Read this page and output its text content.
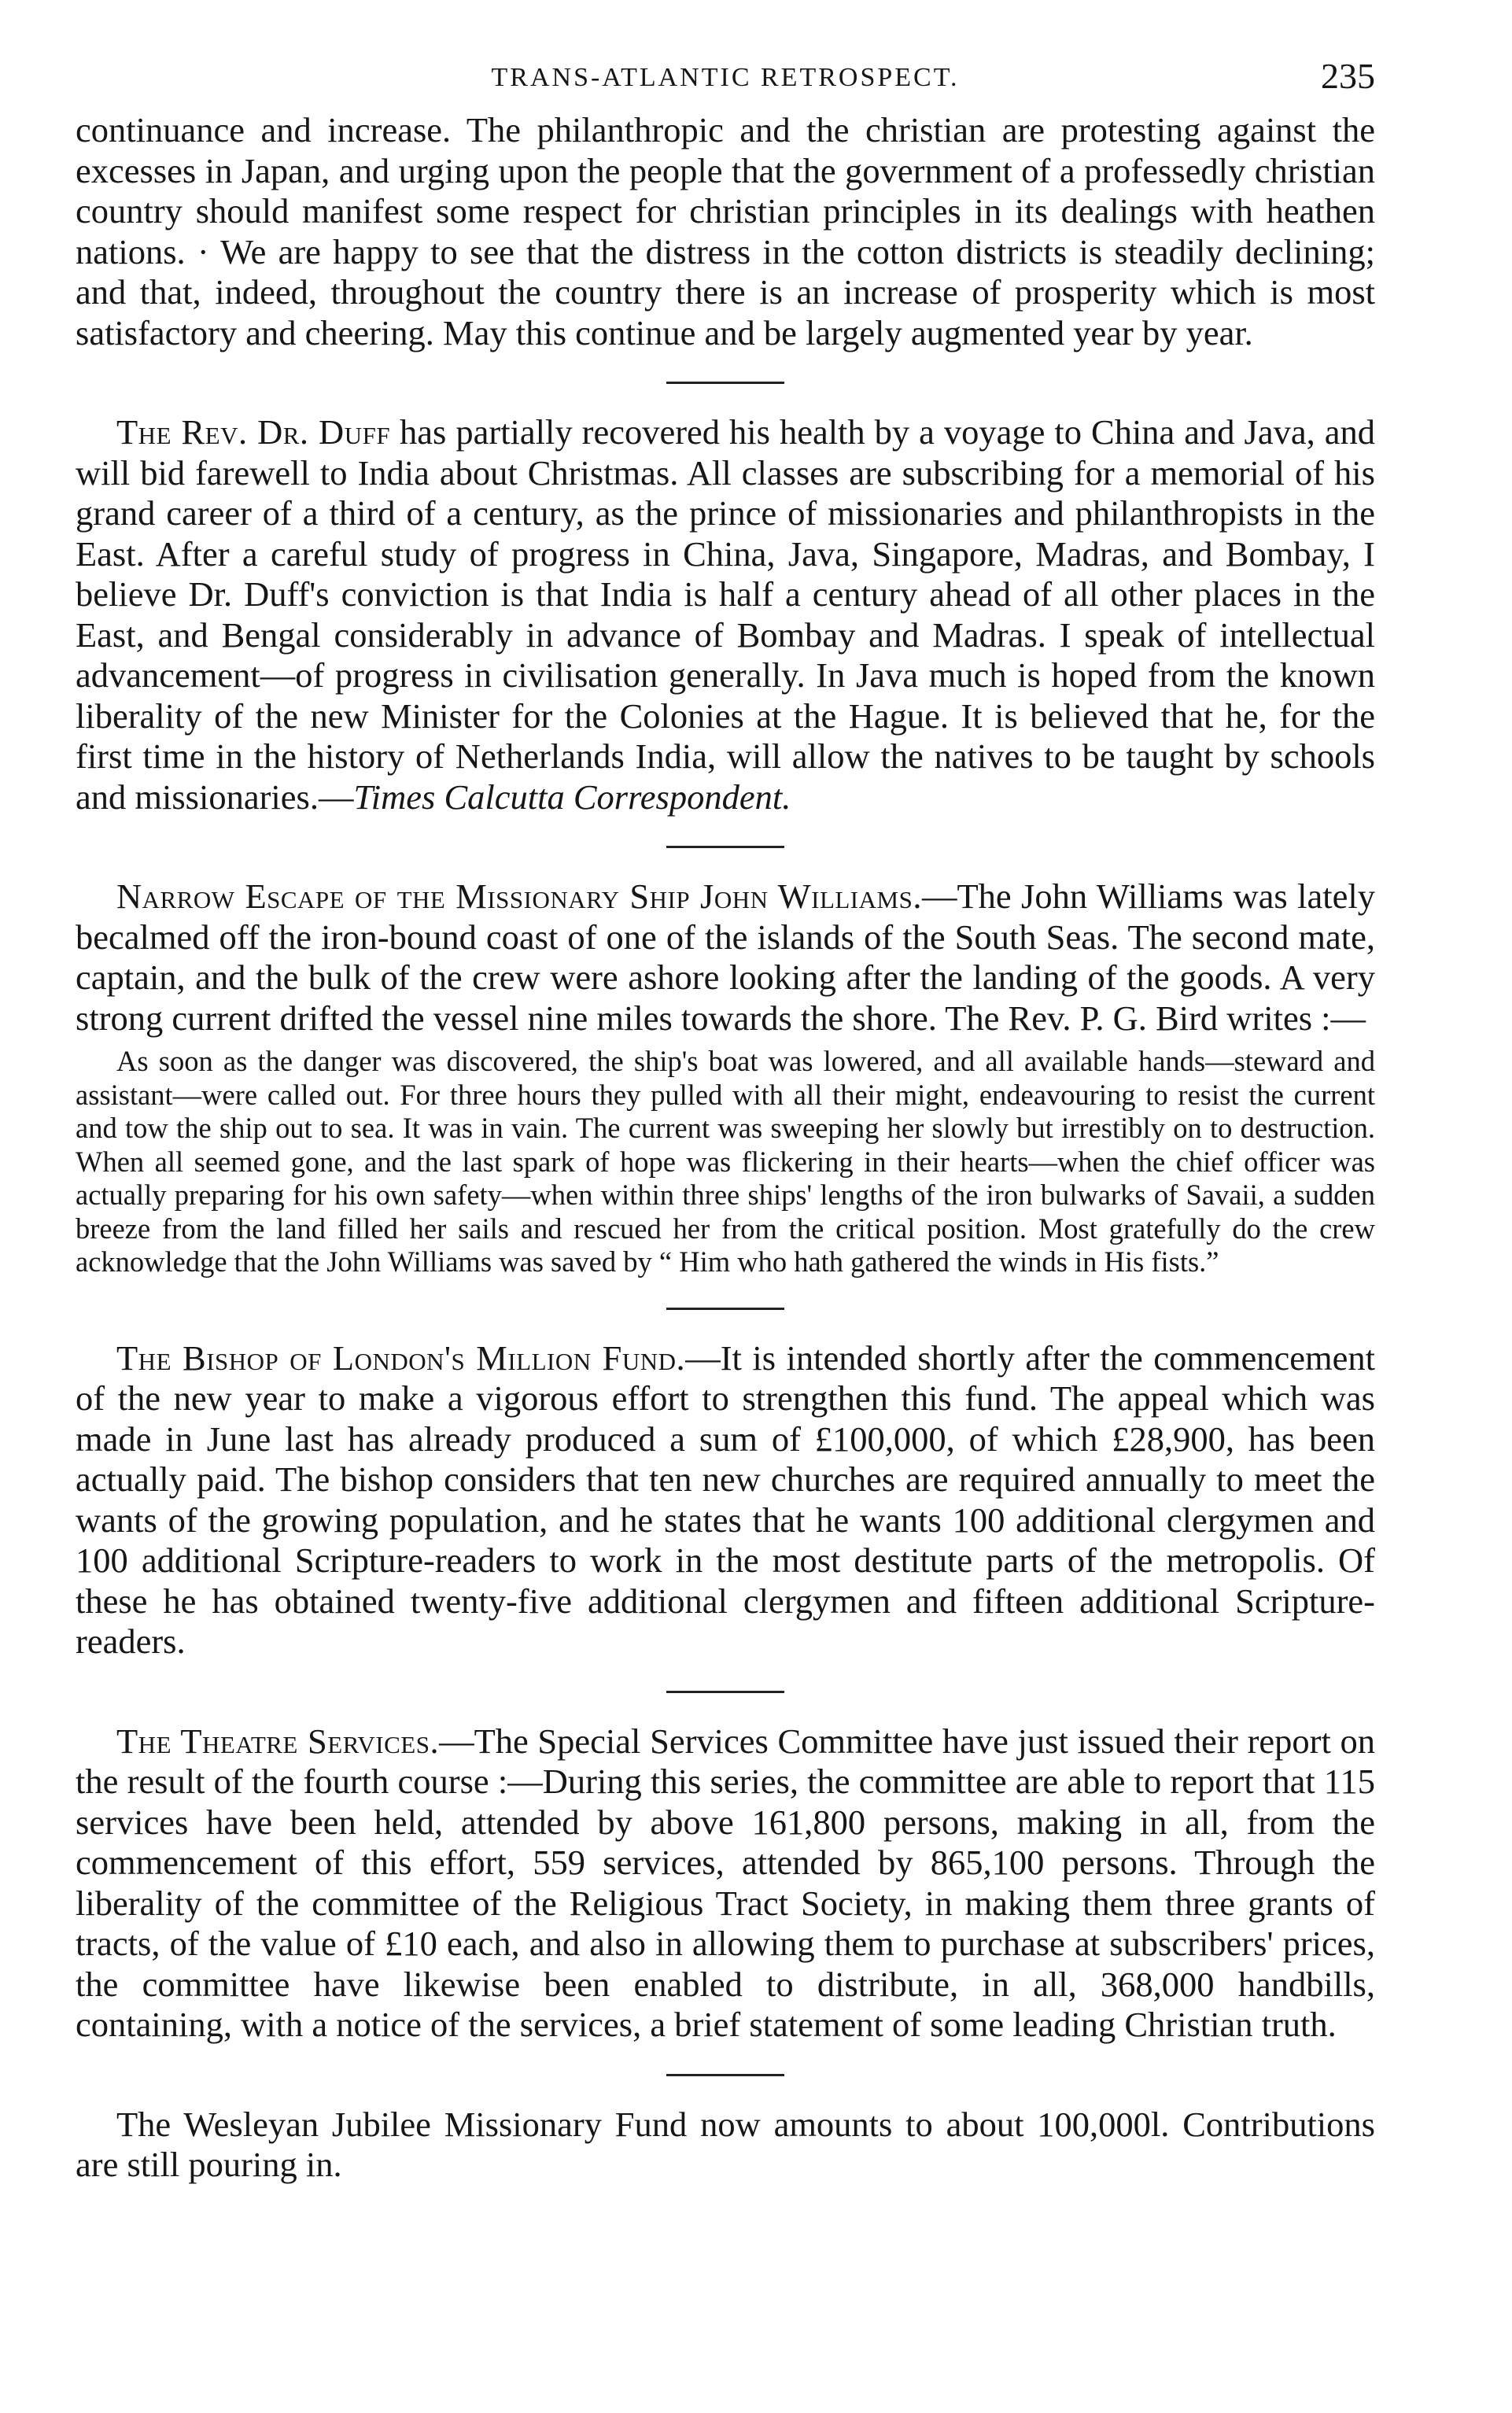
TRANS-ATLANTIC RETROSPECT.	235

continuance and increase. The philanthropic and the christian are protesting against the excesses in Japan, and urging upon the people that the government of a professedly christian country should manifest some respect for christian principles in its dealings with heathen nations. · We are happy to see that the distress in the cotton districts is steadily declining; and that, indeed, throughout the country there is an increase of prosperity which is most satisfactory and cheering. May this continue and be largely augmented year by year.

The Rev. Dr. Duff has partially recovered his health by a voyage to China and Java, and will bid farewell to India about Christmas. All classes are subscribing for a memorial of his grand career of a third of a century, as the prince of missionaries and philanthropists in the East. After a careful study of progress in China, Java, Singapore, Madras, and Bombay, I believe Dr. Duff's conviction is that India is half a century ahead of all other places in the East, and Bengal considerably in advance of Bombay and Madras. I speak of intellectual advancement—of progress in civilisation generally. In Java much is hoped from the known liberality of the new Minister for the Colonies at the Hague. It is believed that he, for the first time in the history of Netherlands India, will allow the natives to be taught by schools and missionaries.—Times Calcutta Correspondent.

Narrow Escape of the Missionary Ship John Williams.—The John Williams was lately becalmed off the iron-bound coast of one of the islands of the South Seas. The second mate, captain, and the bulk of the crew were ashore looking after the landing of the goods. A very strong current drifted the vessel nine miles towards the shore. The Rev. P. G. Bird writes :—

As soon as the danger was discovered, the ship's boat was lowered, and all available hands—steward and assistant—were called out. For three hours they pulled with all their might, endeavouring to resist the current and tow the ship out to sea. It was in vain. The current was sweeping her slowly but irrestibly on to destruction. When all seemed gone, and the last spark of hope was flickering in their hearts—when the chief officer was actually preparing for his own safety—when within three ships' lengths of the iron bulwarks of Savaii, a sudden breeze from the land filled her sails and rescued her from the critical position. Most gratefully do the crew acknowledge that the John Williams was saved by “ Him who hath gathered the winds in His fists.”

The Bishop of London's Million Fund.—It is intended shortly after the commencement of the new year to make a vigorous effort to strengthen this fund. The appeal which was made in June last has already produced a sum of £100,000, of which £28,900, has been actually paid. The bishop considers that ten new churches are required annually to meet the wants of the growing population, and he states that he wants 100 additional clergymen and 100 additional Scripture-readers to work in the most destitute parts of the metropolis. Of these he has obtained twenty-five additional clergymen and fifteen additional Scripture-readers.

The Theatre Services.—The Special Services Committee have just issued their report on the result of the fourth course :—During this series, the committee are able to report that 115 services have been held, attended by above 161,800 persons, making in all, from the commencement of this effort, 559 services, attended by 865,100 persons. Through the liberality of the committee of the Religious Tract Society, in making them three grants of tracts, of the value of £10 each, and also in allowing them to purchase at subscribers' prices, the committee have likewise been enabled to distribute, in all, 368,000 handbills, containing, with a notice of the services, a brief statement of some leading Christian truth.

The Wesleyan Jubilee Missionary Fund now amounts to about 100,000l. Contributions are still pouring in.
